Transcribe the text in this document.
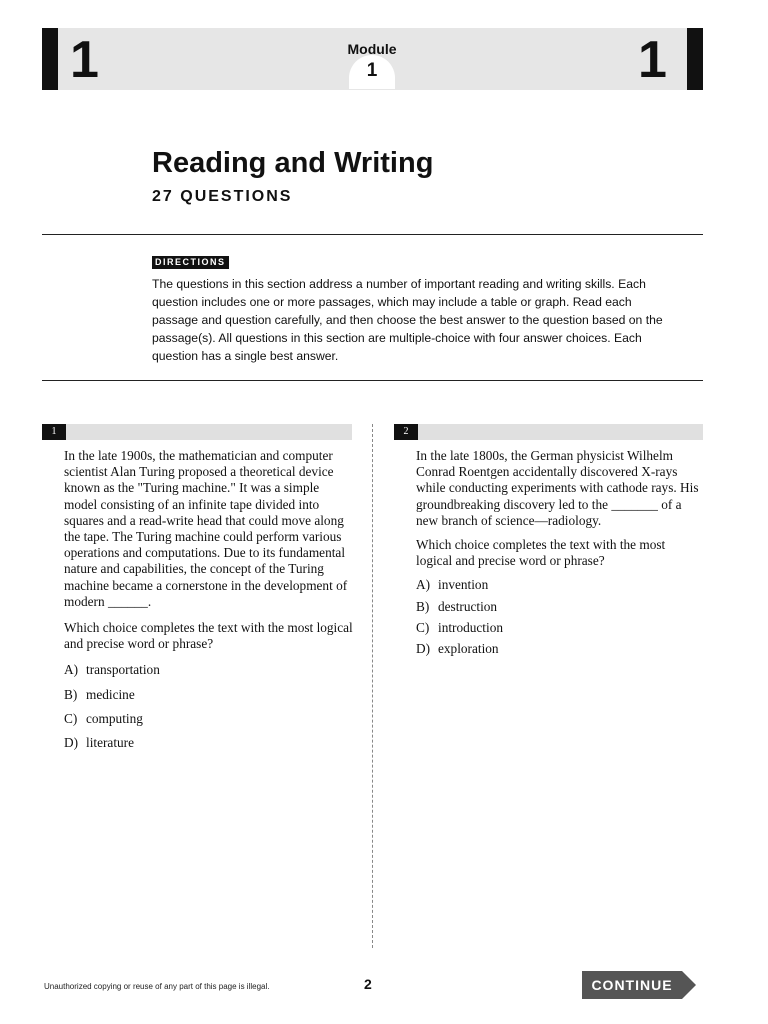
1	1
Module
1
Reading and Writing
27 QUESTIONS
DIRECTIONS
The questions in this section address a number of important reading and writing skills. Each question includes one or more passages, which may include a table or graph. Read each passage and question carefully, and then choose the best answer to the question based on the passage(s). All questions in this section are multiple-choice with four answer choices. Each question has a single best answer.
1

In the late 1900s, the mathematician and computer scientist Alan Turing proposed a theoretical device known as the "Turing machine." It was a simple model consisting of an infinite tape divided into squares and a read-write head that could move along the tape. The Turing machine could perform various operations and computations. Due to its fundamental nature and capabilities, the concept of the Turing machine became a cornerstone in the development of modern ______.

Which choice completes the text with the most logical and precise word or phrase?

A) transportation
B) medicine
C) computing
D) literature
2

In the late 1800s, the German physicist Wilhelm Conrad Roentgen accidentally discovered X-rays while conducting experiments with cathode rays. His groundbreaking discovery led to the _______ of a new branch of science—radiology.

Which choice completes the text with the most logical and precise word or phrase?

A) invention
B) destruction
C) introduction
D) exploration
Unauthorized copying or reuse of any part of this page is illegal.	2	CONTINUE
